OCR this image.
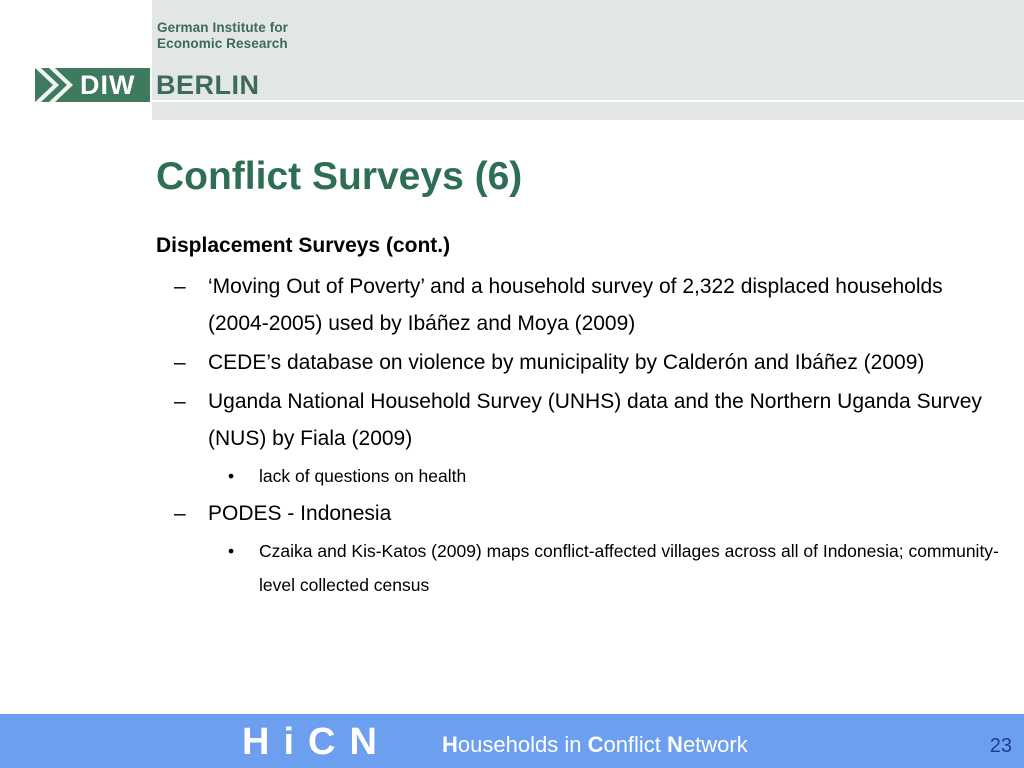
German Institute for
Economic Research
DIW BERLIN
Conflict Surveys (6)
Displacement Surveys (cont.)
– ‘Moving Out of Poverty’ and a household survey of 2,322 displaced households (2004-2005) used by Ibáñez and Moya (2009)
– CEDE’s database on violence by municipality by Calderón and Ibáñez (2009)
– Uganda National Household Survey (UNHS) data and the Northern Uganda Survey (NUS) by Fiala (2009)
• lack of questions on health
– PODES - Indonesia
• Czaika and Kis-Katos (2009) maps conflict-affected villages across all of Indonesia; community-level collected census
HiCN Households in Conflict Network	23
